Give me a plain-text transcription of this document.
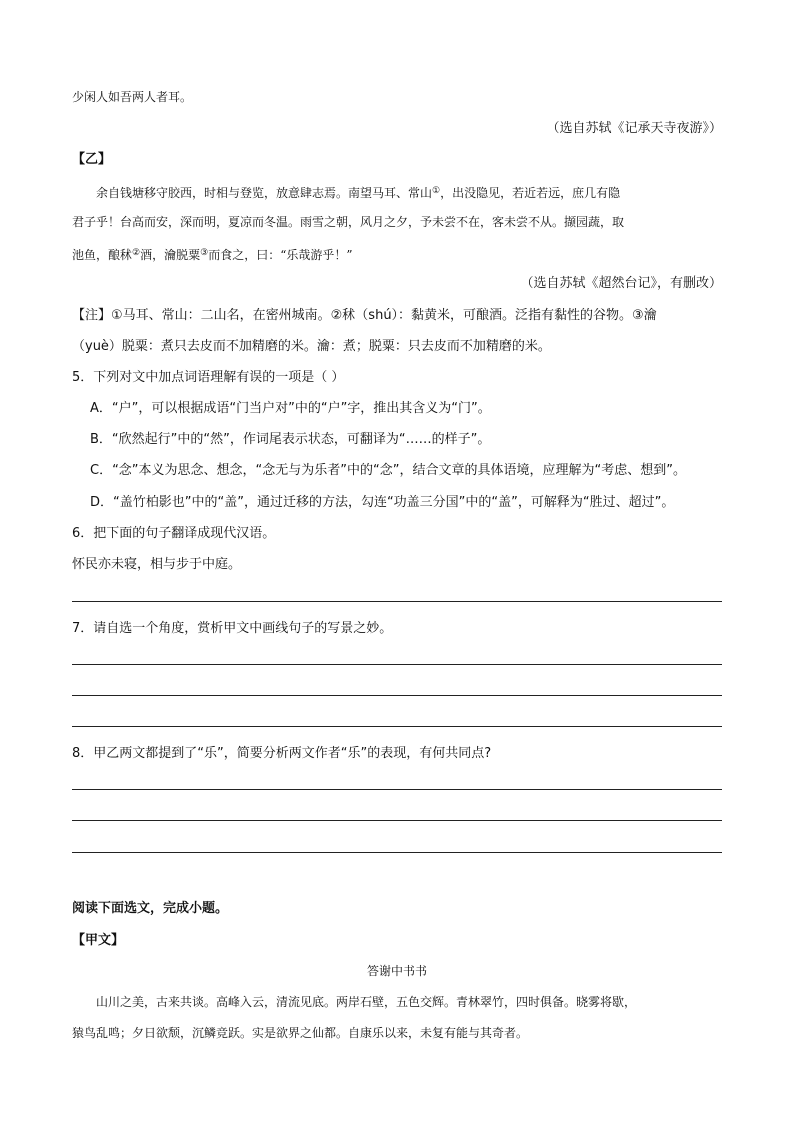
少闲人如吾两人者耳。
（选自苏轼《记承天寺夜游》）
【乙】
余自钱塘移守胶西，时相与登览，放意肆志焉。南望马耳、常山①，出没隐见，若近若远，庶几有隐
君子乎！台高而安，深而明，夏凉而冬温。雨雪之朝，风月之夕，予未尝不在，客未尝不从。撷园蔬，取
池鱼，酿秫②酒，瀹脱粟③而食之，曰：“乐哉游乎！”
（选自苏轼《超然台记》，有删改）
【注】①马耳、常山：二山名，在密州城南。②秫（shú）：黏黄米，可酿酒。泛指有黏性的谷物。③瀹
（yuè）脱粟：煮只去皮而不加精磨的米。瀹：煮；脱粟：只去皮而不加精磨的米。
5．下列对文中加点词语理解有误的一项是（ ）
A．“户”，可以根据成语“门当户对”中的“户”字，推出其含义为“门”。
B．“欣然起行”中的“然”，作词尾表示状态，可翻译为“……的样子”。
C．“念”本义为思念、想念，“念无与为乐者”中的“念”，结合文章的具体语境，应理解为“考虑、想到”。
D．“盖竹柏影也”中的“盖”，通过迁移的方法，勾连“功盖三分国”中的“盖”，可解释为“胜过、超过”。
6．把下面的句子翻译成现代汉语。
怀民亦未寝，相与步于中庭。
7．请自选一个角度，赏析甲文中画线句子的写景之妙。
8．甲乙两文都提到了“乐”，简要分析两文作者“乐”的表现，有何共同点?
阅读下面选文，完成小题。
【甲文】
答谢中书书
山川之美，古来共谈。高峰入云，清流见底。两岸石壁，五色交辉。青林翠竹，四时俱备。晓雾将歇，
猿鸟乱鸣；夕日欲颓，沉鳞竞跃。实是欲界之仙都。自康乐以来，未复有能与其奇者。
